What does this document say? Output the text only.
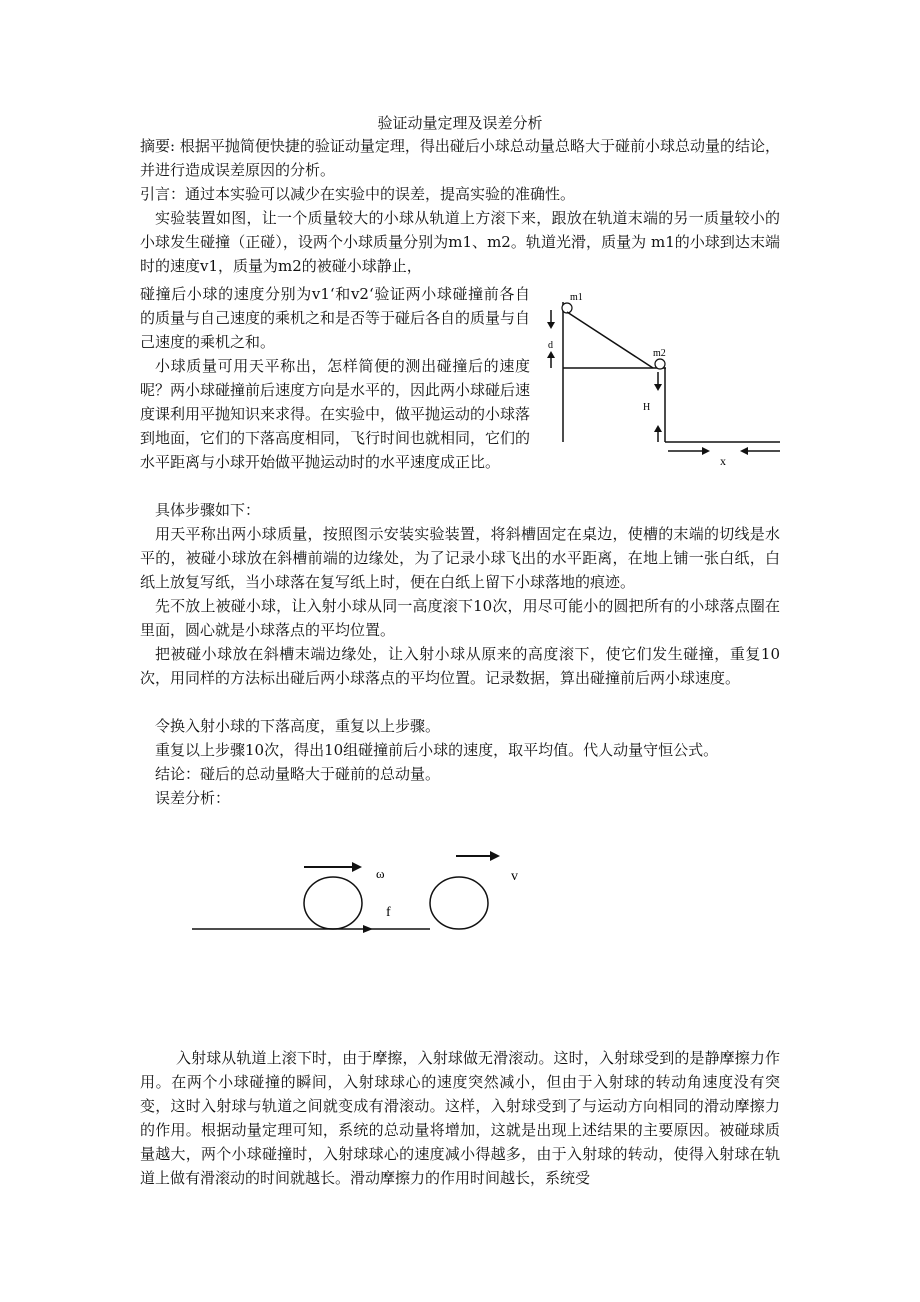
验证动量定理及误差分析

摘要: 根据平抛简便快捷的验证动量定理，得出碰后小球总动量总略大于碰前小球总动量的结论，并进行造成误差原因的分析。

引言：通过本实验可以减少在实验中的误差，提高实验的准确性。

实验装置如图，让一个质量较大的小球从轨道上方滚下来，跟放在轨道末端的另一质量较小的小球发生碰撞（正碰），设两个小球质量分别为m1、m2。轨道光滑，质量为 m1的小球到达末端时的速度v1，质量为m2的被碰小球静止，

碰撞后小球的速度分别为v1‘和v2‘验证两小球碰撞前各自的质量与自己速度的乘机之和是否等于碰后各自的质量与自己速度的乘机之和。

小球质量可用天平称出，怎样简便的测出碰撞后的速度呢？两小球碰撞前后速度方向是水平的，因此两小球碰后速度课利用平抛知识来求得。在实验中，做平抛运动的小球落到地面，它们的下落高度相同，飞行时间也就相同，它们的水平距离与小球开始做平抛运动时的水平速度成正比。

具体步骤如下：

用天平称出两小球质量，按照图示安装实验装置，将斜槽固定在桌边，使槽的末端的切线是水平的，被碰小球放在斜槽前端的边缘处，为了记录小球飞出的水平距离，在地上铺一张白纸，白纸上放复写纸，当小球落在复写纸上时，便在白纸上留下小球落地的痕迹。

先不放上被碰小球，让入射小球从同一高度滚下10次，用尽可能小的圆把所有的小球落点圈在里面，圆心就是小球落点的平均位置。

把被碰小球放在斜槽末端边缘处，让入射小球从原来的高度滚下，使它们发生碰撞，重复10次，用同样的方法标出碰后两小球落点的平均位置。记录数据，算出碰撞前后两小球速度。

令换入射小球的下落高度，重复以上步骤。

重复以上步骤10次，得出10组碰撞前后小球的速度，取平均值。代人动量守恒公式。

结论：碰后的总动量略大于碰前的总动量。

误差分析：

m1
d
m2
H
x
ω	v
f

入射球从轨道上滚下时，由于摩擦，入射球做无滑滚动。这时，入射球受到的是静摩擦力作用。在两个小球碰撞的瞬间，入射球球心的速度突然减小，但由于入射球的转动角速度没有突变，这时入射球与轨道之间就变成有滑滚动。这样，入射球受到了与运动方向相同的滑动摩擦力的作用。根据动量定理可知，系统的总动量将增加，这就是出现上述结果的主要原因。被碰球质量越大，两个小球碰撞时，入射球球心的速度减小得越多，由于入射球的转动，使得入射球在轨道上做有滑滚动的时间就越长。滑动摩擦力的作用时间越长，系统受
